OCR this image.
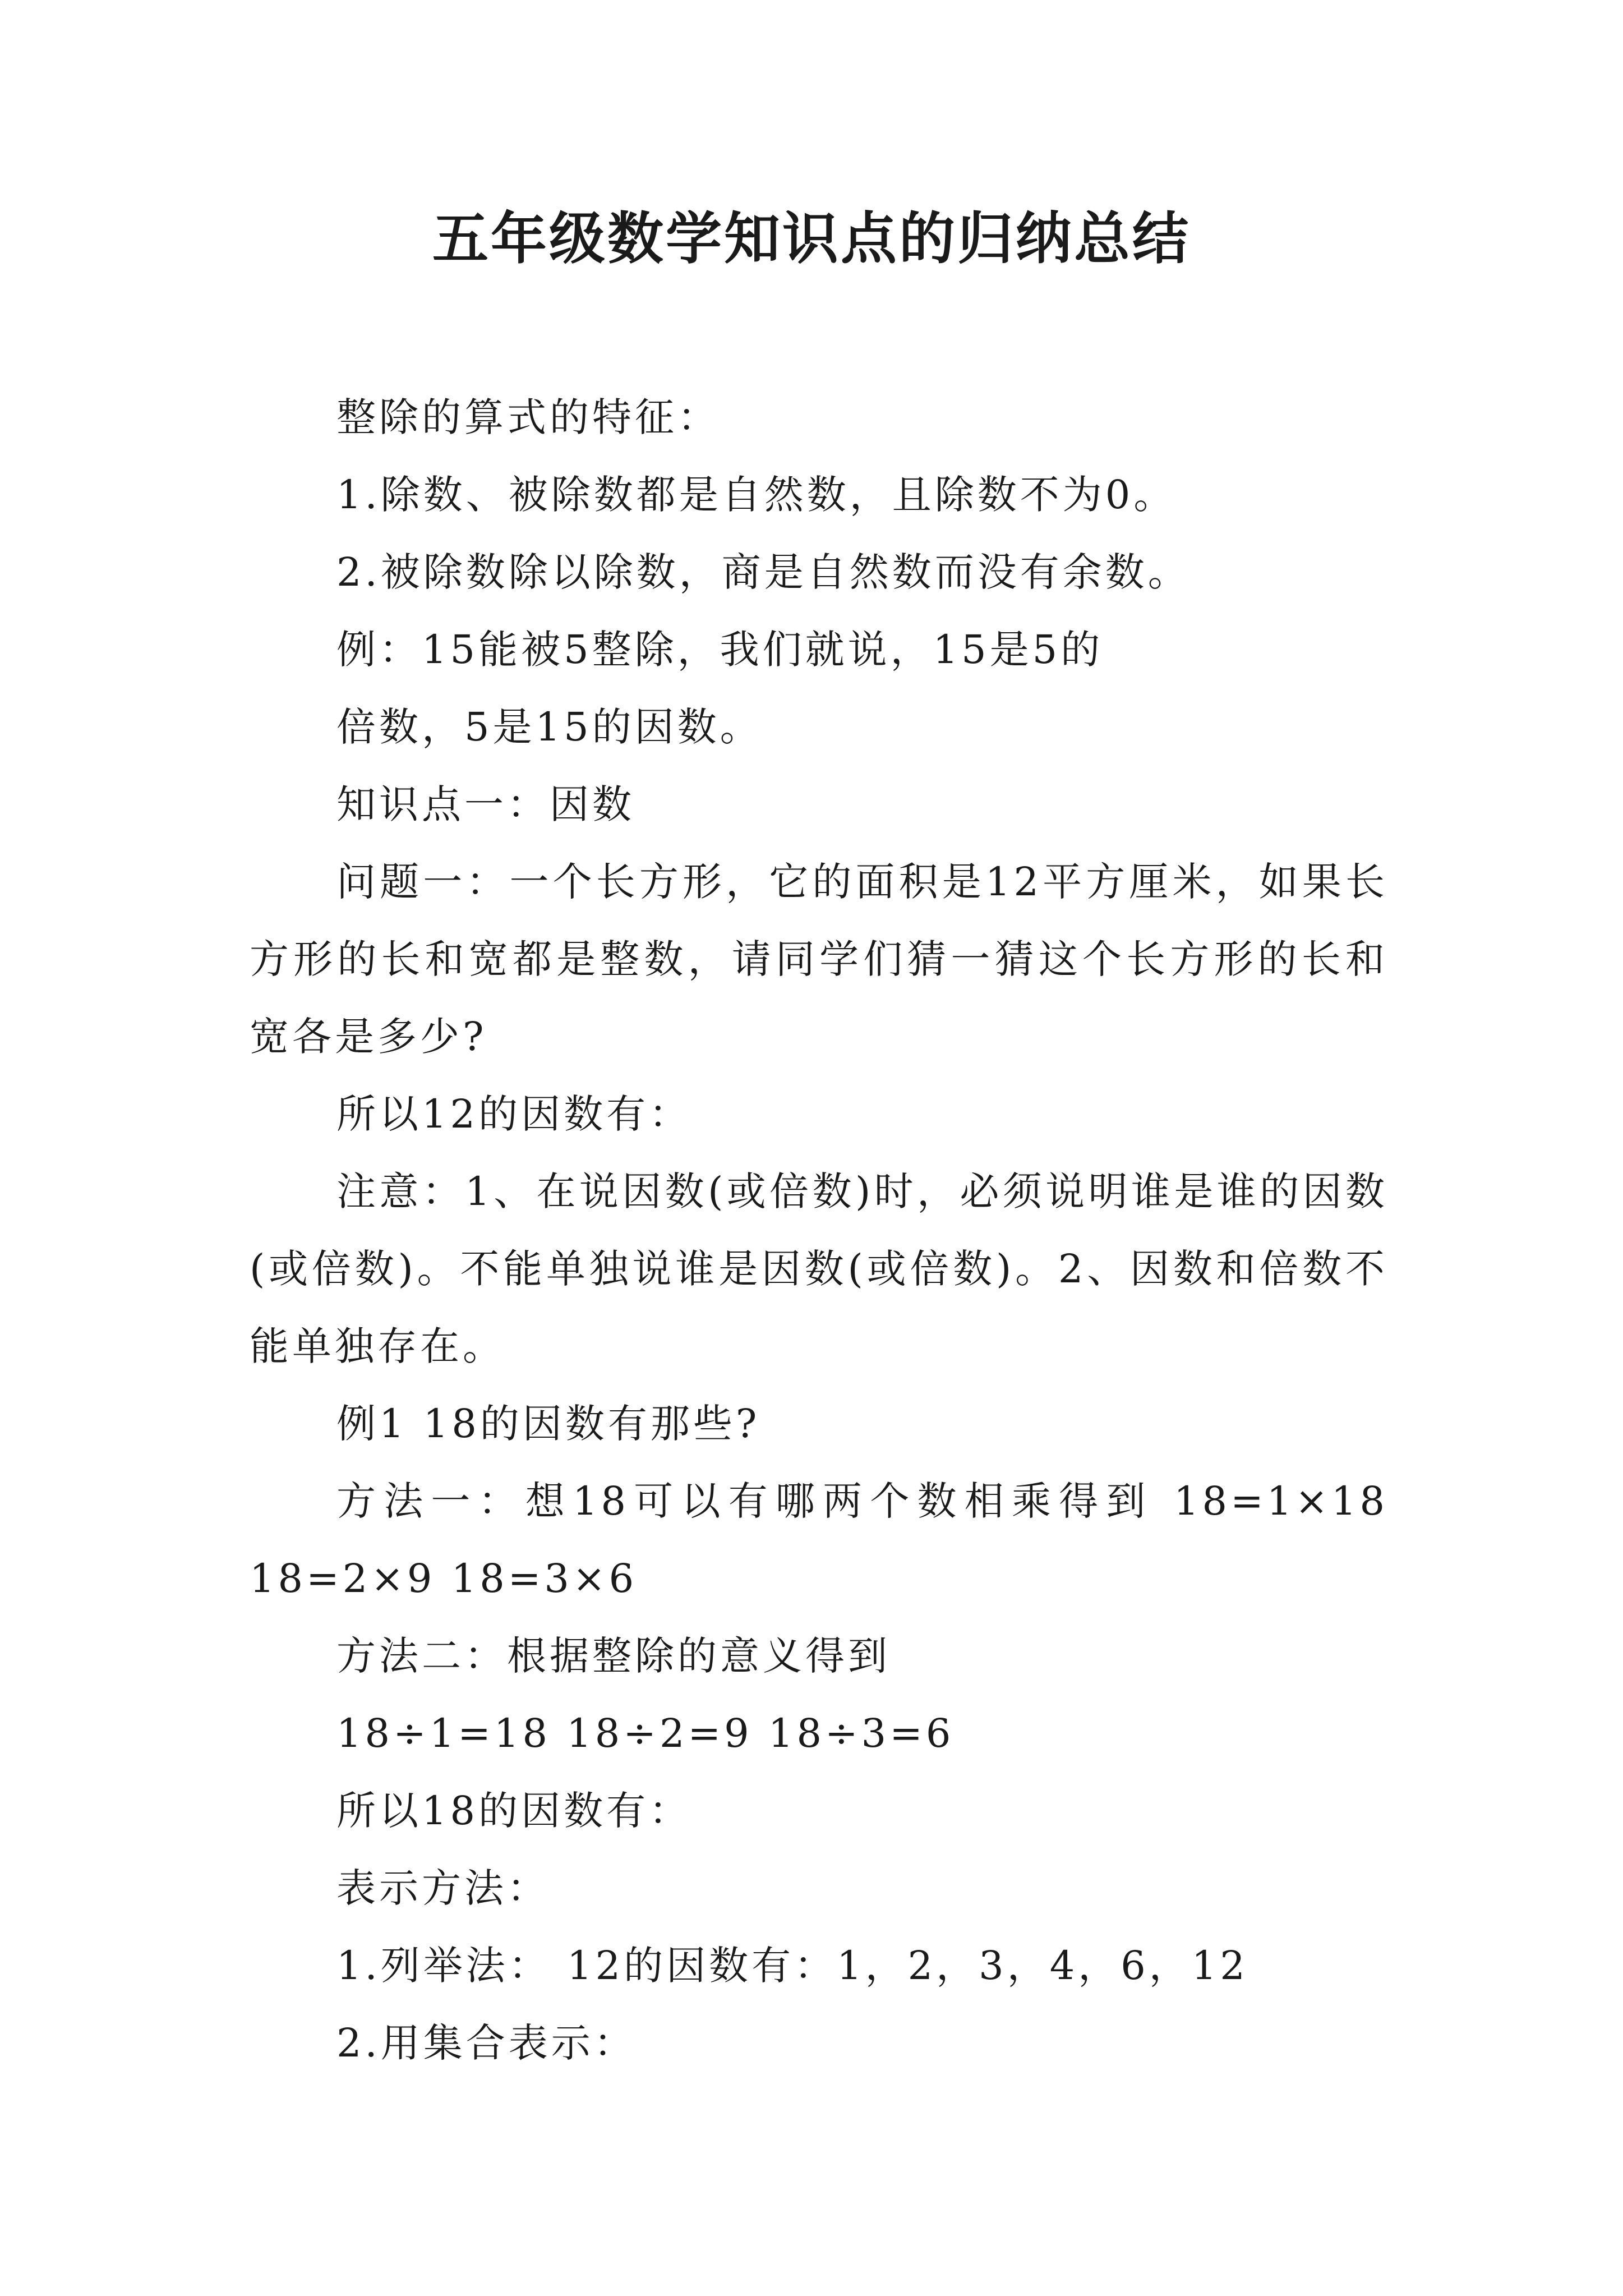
五年级数学知识点的归纳总结
整除的算式的特征：
1.除数、被除数都是自然数，且除数不为0。
2.被除数除以除数，商是自然数而没有余数。
例：15能被5整除，我们就说，15是5的
倍数，5是15的因数。
知识点一：因数
问题一：一个长方形，它的面积是12平方厘米，如果长方形的长和宽都是整数，请同学们猜一猜这个长方形的长和宽各是多少?
所以12的因数有：
注意：1、在说因数(或倍数)时，必须说明谁是谁的因数(或倍数)。不能单独说谁是因数(或倍数)。2、因数和倍数不能单独存在。
例1 18的因数有那些?
方法一：想18可以有哪两个数相乘得到 18=1×18 18=2×9 18=3×6
方法二：根据整除的意义得到
18÷1=18 18÷2=9 18÷3=6
所以18的因数有：
表示方法：
1.列举法： 12的因数有：1，2，3，4，6，12
2.用集合表示：
